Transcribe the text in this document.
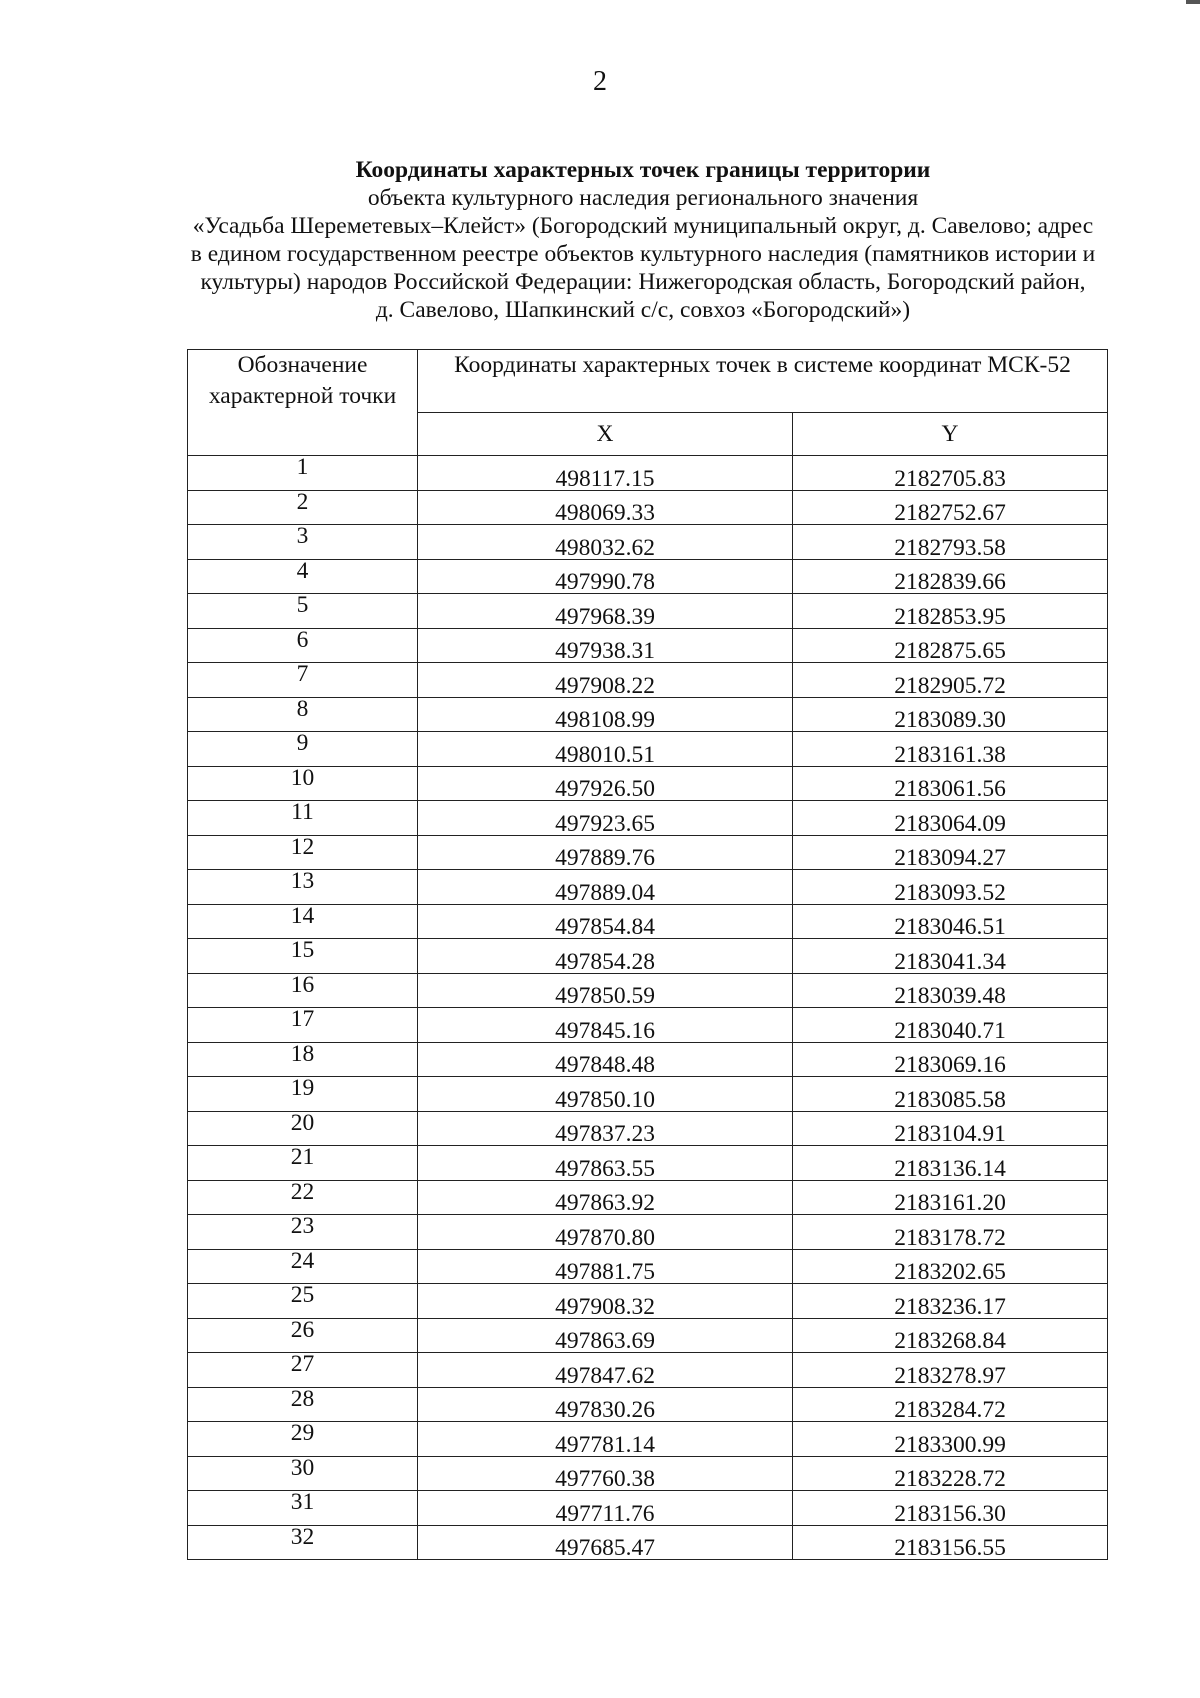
2
Координаты характерных точек границы территории
объекта культурного наследия регионального значения
«Усадьба Шереметевых–Клейст» (Богородский муниципальный округ, д. Савелово; адрес
в едином государственном реестре объектов культурного наследия (памятников истории и
культуры) народов Российской Федерации: Нижегородская область, Богородский район,
д. Савелово, Шапкинский с/с, совхоз «Богородский»)
Обозначение характерной точки	Координаты характерных точек в системе координат МСК-52	
	X	Y
1	498117.15	2182705.83
2	498069.33	2182752.67
3	498032.62	2182793.58
4	497990.78	2182839.66
5	497968.39	2182853.95
6	497938.31	2182875.65
7	497908.22	2182905.72
8	498108.99	2183089.30
9	498010.51	2183161.38
10	497926.50	2183061.56
11	497923.65	2183064.09
12	497889.76	2183094.27
13	497889.04	2183093.52
14	497854.84	2183046.51
15	497854.28	2183041.34
16	497850.59	2183039.48
17	497845.16	2183040.71
18	497848.48	2183069.16
19	497850.10	2183085.58
20	497837.23	2183104.91
21	497863.55	2183136.14
22	497863.92	2183161.20
23	497870.80	2183178.72
24	497881.75	2183202.65
25	497908.32	2183236.17
26	497863.69	2183268.84
27	497847.62	2183278.97
28	497830.26	2183284.72
29	497781.14	2183300.99
30	497760.38	2183228.72
31	497711.76	2183156.30
32	497685.47	2183156.55
